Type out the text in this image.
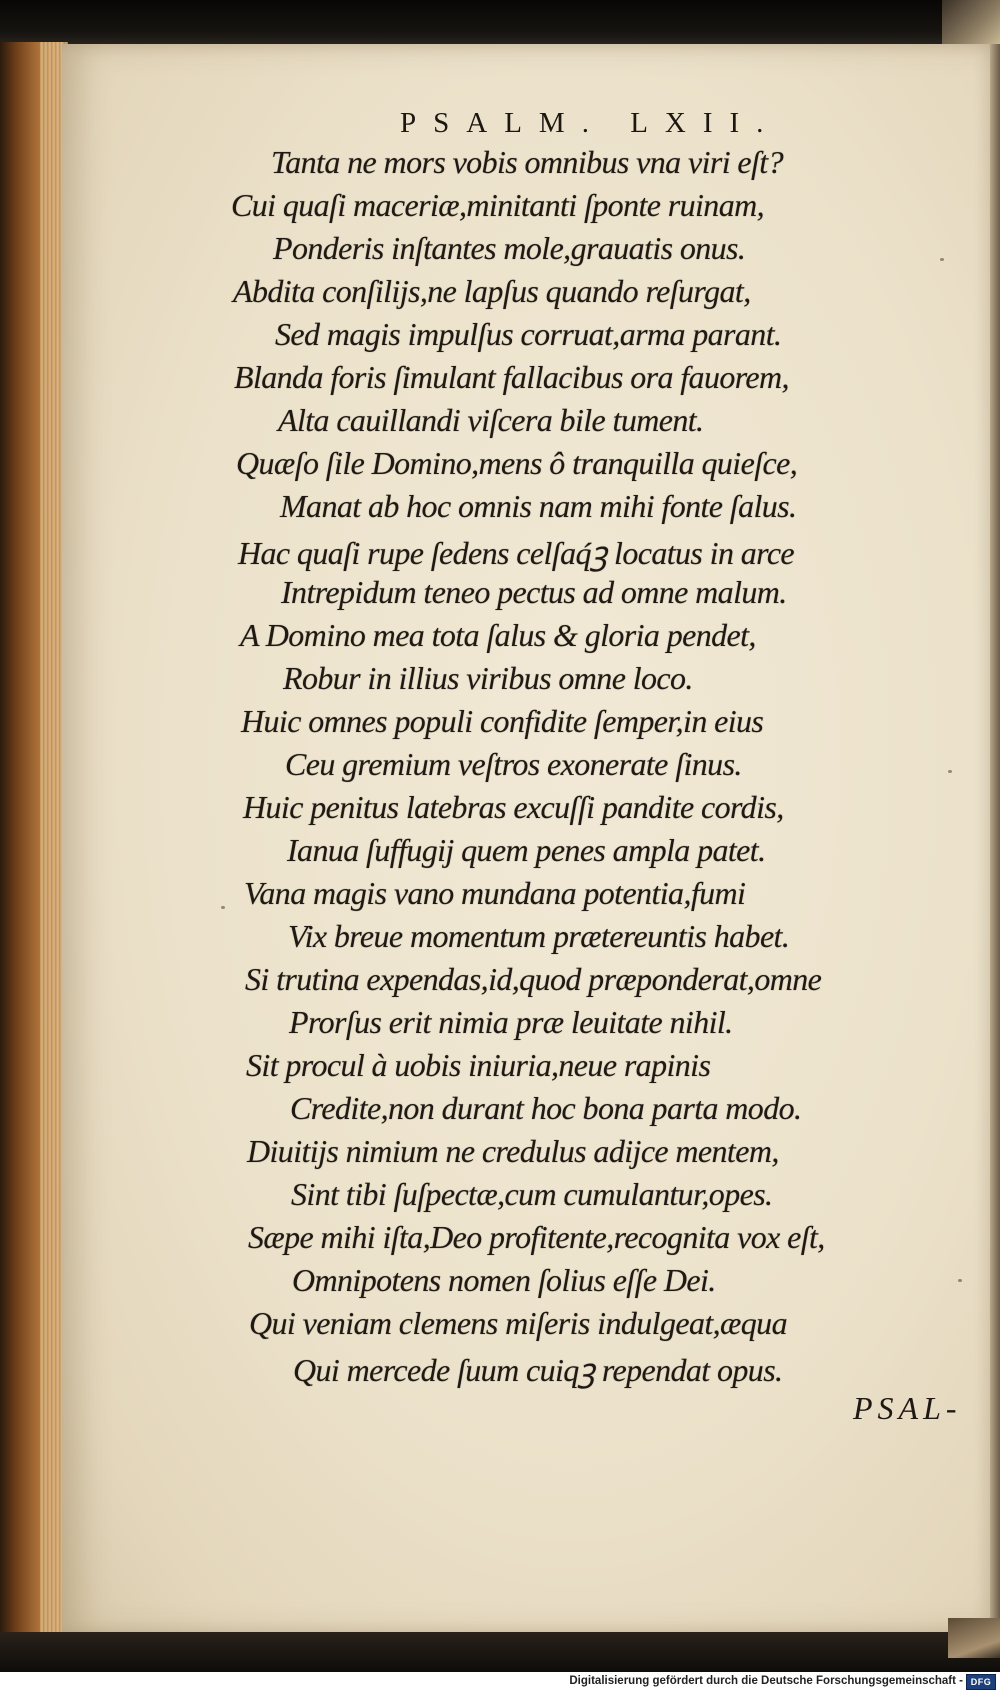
PSALM. LXII.
Tanta ne mors vobis omnibus vna viri eſt?
Cui quaſi maceriæ,minitanti ſponte ruinam,
Ponderis inſtantes mole,grauatis onus.
Abdita conſilijs,ne lapſus quando reſurgat,
Sed magis impulſus corruat,arma parant.
Blanda foris ſimulant fallacibus ora fauorem,
Alta cauillandi viſcera bile tument.
Quæſo ſile Domino,mens ô tranquilla quieſce,
Manat ab hoc omnis nam mihi fonte ſalus.
Hac quaſi rupe ſedens celſaq́ꝫ locatus in arce
Intrepidum teneo pectus ad omne malum.
A Domino mea tota ſalus & gloria pendet,
Robur in illius viribus omne loco.
Huic omnes populi confidite ſemper,in eius
Ceu gremium veſtros exonerate ſinus.
Huic penitus latebras excuſſi pandite cordis,
Ianua ſuffugij quem penes ampla patet.
Vana magis vano mundana potentia,fumi
Vix breue momentum prætereuntis habet.
Si trutina expendas,id,quod præponderat,omne
Prorſus erit nimia præ leuitate nihil.
Sit procul à uobis iniuria,neue rapinis
Credite,non durant hoc bona parta modo.
Diuitijs nimium ne credulus adijce mentem,
Sint tibi ſuſpectæ,cum cumulantur,opes.
Sæpe mihi iſta,Deo profitente,recognita vox eſt,
Omnipotens nomen ſolius eſſe Dei.
Qui veniam clemens miſeris indulgeat,æqua
Qui mercede ſuum cuiqꝫ rependat opus.
PSAL-
Digitalisierung gefördert durch die Deutsche Forschungsgemeinschaft - DFG
